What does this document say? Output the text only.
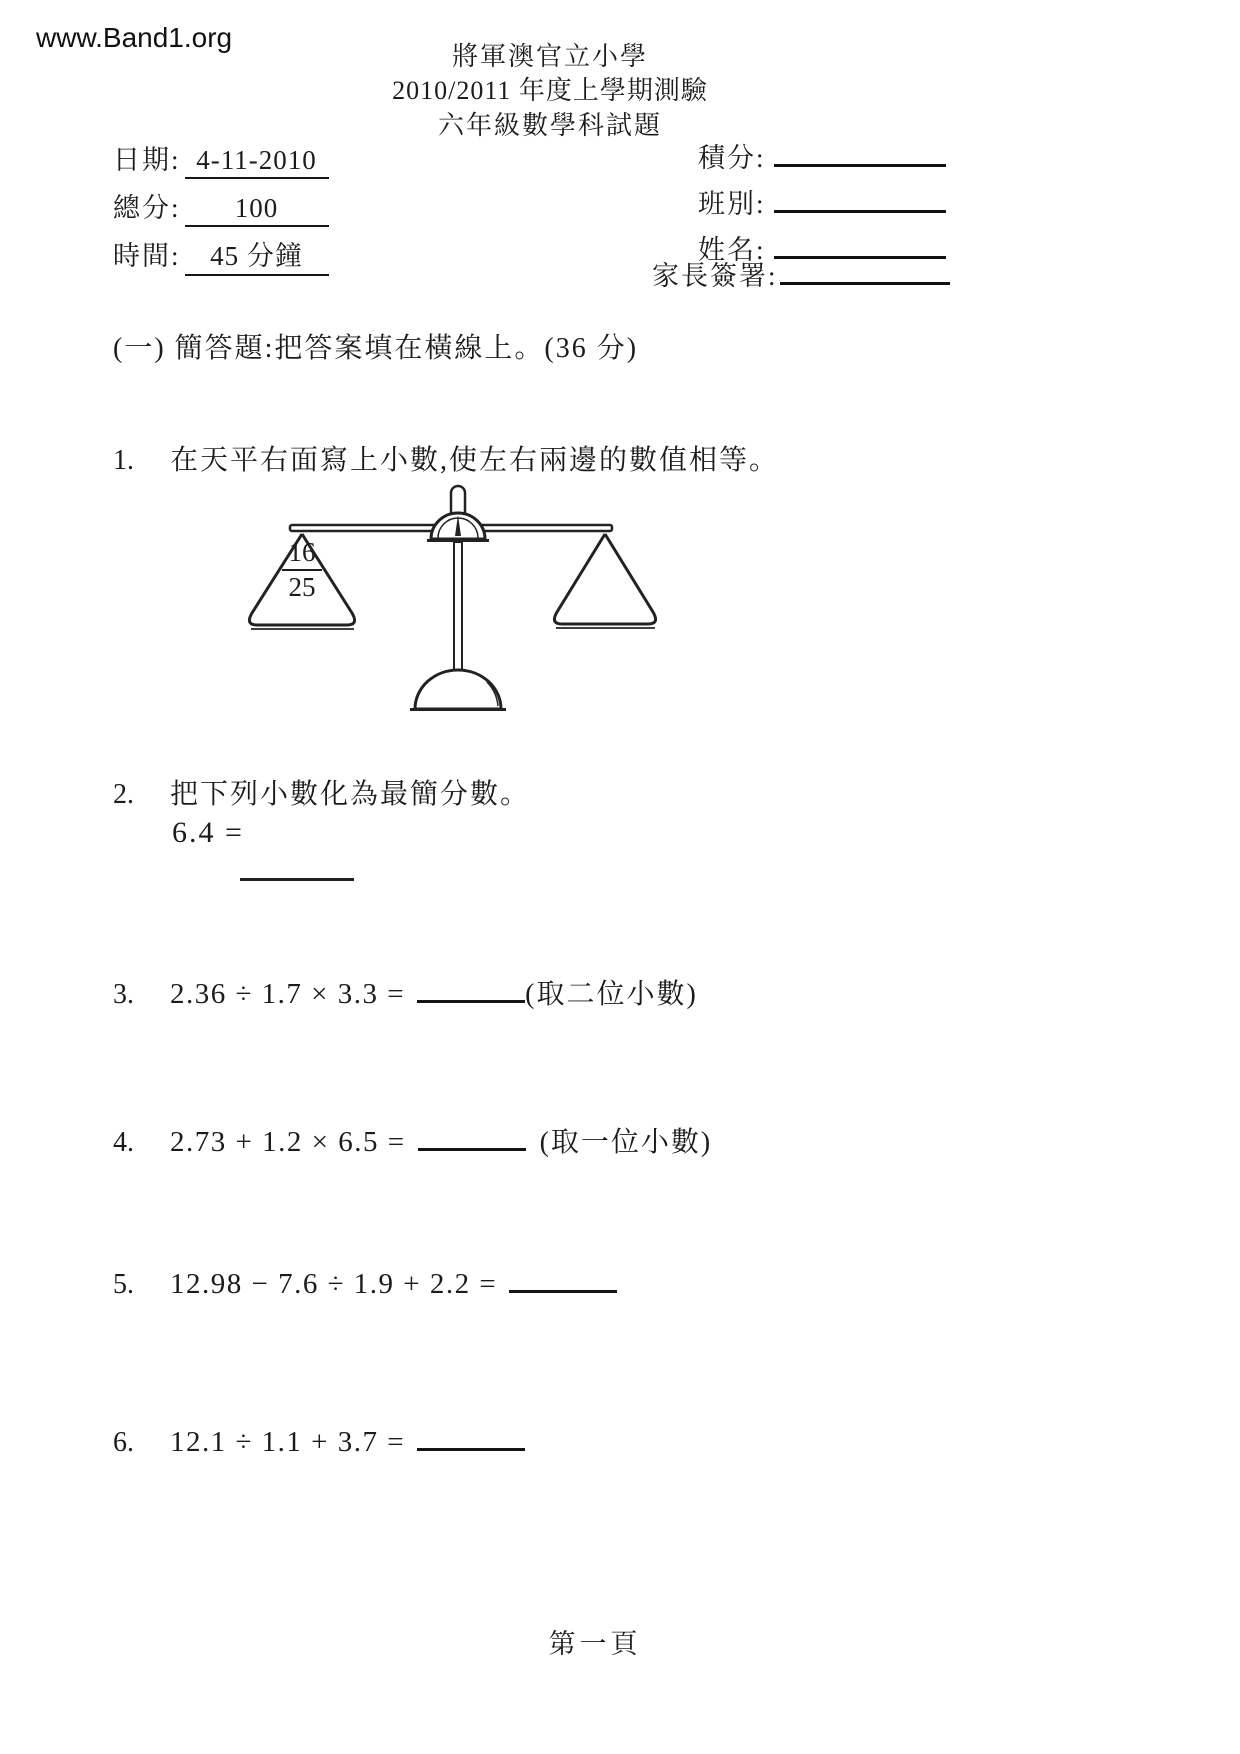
www.Band1.org
將軍澳官立小學
2010/2011 年度上學期測驗
六年級數學科試題
日期: 4-11-2010
總分:	100
時間:	45 分鐘
積分:
班別:
姓名:
家長簽署:
(一) 簡答題:把答案填在橫線上。(36 分)
1.	在天平右面寫上小數,使左右兩邊的數值相等。
$\frac{16}{25}$
2.	把下列小數化為最簡分數。
6.4 =
3.	2.36 ÷ 1.7 × 3.3 =	(取二位小數)
4.	2.73 + 1.2 × 6.5 =	(取一位小數)
5.	12.98 − 7.6 ÷ 1.9 + 2.2 =
6.	12.1 ÷ 1.1 + 3.7 =
第一頁
